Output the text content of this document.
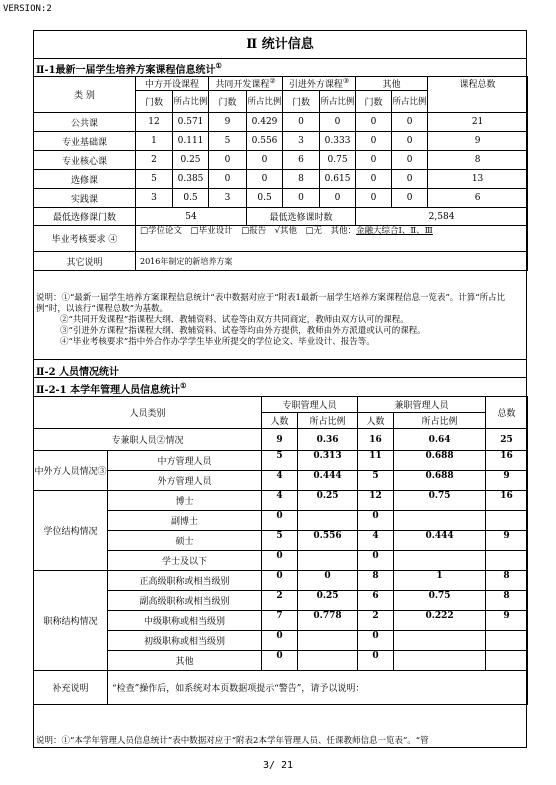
VERSION:2
Ⅱ 统计信息
Ⅱ-1最新一届学生培养方案课程信息统计①
类 别	中方开设课程		共同开发课程②		引进外方课程③		其他		课程总数
	门数	所占比例	门数	所占比例	门数	所占比例	门数	所占比例	
公共课	12	0.571	9	0.429	0	0	0	0	21
专业基础课	1	0.111	5	0.556	3	0.333	0	0	9
专业核心课	2	0.25	0	0	6	0.75	0	0	8
选修课	5	0.385	0	0	8	0.615	0	0	13
实践课	3	0.5	3	0.5	0	0	0	0	6
最低选修课门数	54			最低选修课时数			2,584		
毕业考核要求 ④	□学位论文　□毕业设计　□报告　√其他　□无　其他：金融大综合Ⅰ、Ⅱ、Ⅲ								
其它说明	2016年制定的新培养方案								
说明：①“最新一届学生培养方案课程信息统计”表中数据对应于“附表1最新一届学生培养方案课程信息一览表”。计算“所占比例”时，以该行“课程总数”为基数。
②“共同开发课程”指课程大纲、教辅资料、试卷等由双方共同商定，教师由双方认可的课程。
③“引进外方课程”指课程大纲、教辅资料、试卷等均由外方提供，教师由外方派遣或认可的课程。
④“毕业考核要求”指中外合作办学学生毕业所提交的学位论文、毕业设计、报告等。
Ⅱ-2 人员情况统计
Ⅱ-2-1 本学年管理人员信息统计①
人员类别		专职管理人员		兼职管理人员		总数
		人数	所占比例	人数	所占比例	
专兼职人员②情况		9	0.36	16	0.64	25
中外方人员情况③	中方管理人员	5	0.313	11	0.688	16
	外方管理人员	4	0.444	5	0.688	9
学位结构情况	博士	4	0.25	12	0.75	16
	副博士	0		0		
	硕士	5	0.556	4	0.444	9
	学士及以下	0		0		
职称结构情况	正高级职称或相当级别	0	0	8	1	8
	副高级职称或相当级别	2	0.25	6	0.75	8
	中级职称或相当级别	7	0.778	2	0.222	9
	初级职称或相当级别	0		0		
	其他	0		0		
补充说明	“检查”操作后，如系统对本页数据项提示“警告”，请予以说明：					
说明：①“本学年管理人员信息统计”表中数据对应于“附表2本学年管理人员、任课教师信息一览表”。“管
3/ 21
